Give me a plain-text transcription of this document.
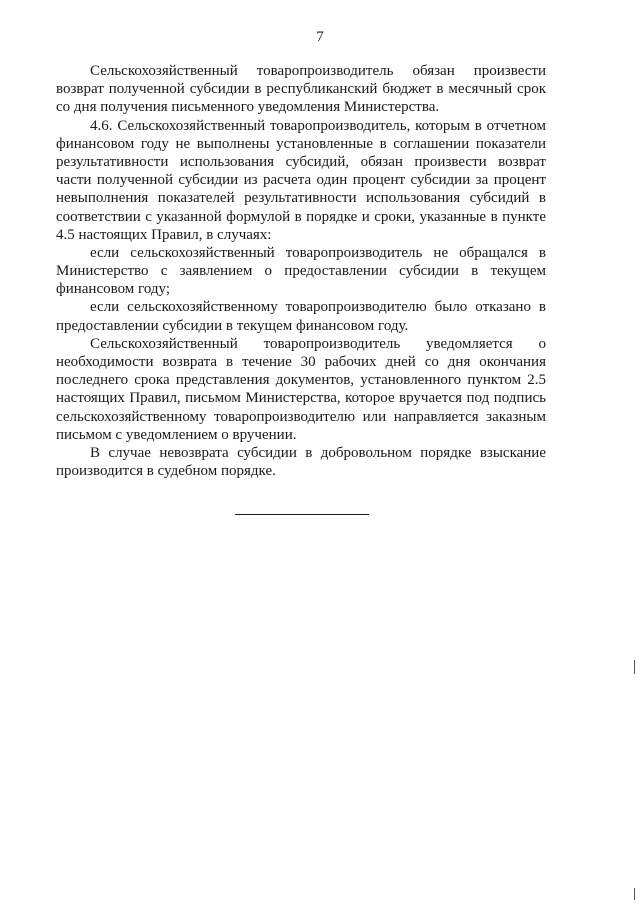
7
Сельскохозяйственный товаропроизводитель обязан произвести
возврат полученной субсидии в республиканский бюджет в месячный срок
со дня получения письменного уведомления Министерства.
4.6. Сельскохозяйственный товаропроизводитель, которым в отчетном
финансовом году не выполнены установленные в соглашении показатели
результативности использования субсидий, обязан произвести возврат
части полученной субсидии из расчета один процент субсидии за процент
невыполнения показателей результативности использования субсидий в
соответствии с указанной формулой в порядке и сроки, указанные в пункте
4.5 настоящих Правил, в случаях:
если сельскохозяйственный товаропроизводитель не обращался в
Министерство с заявлением о предоставлении субсидии в текущем
финансовом году;
если сельскохозяйственному товаропроизводителю было отказано в
предоставлении субсидии в текущем финансовом году.
Сельскохозяйственный товаропроизводитель уведомляется о
необходимости возврата в течение 30 рабочих дней со дня окончания
последнего срока представления документов, установленного пунктом 2.5
настоящих Правил, письмом Министерства, которое вручается под подпись
сельскохозяйственному товаропроизводителю или направляется заказным
письмом с уведомлением о вручении.
В случае невозврата субсидии в добровольном порядке взыскание
производится в судебном порядке.
